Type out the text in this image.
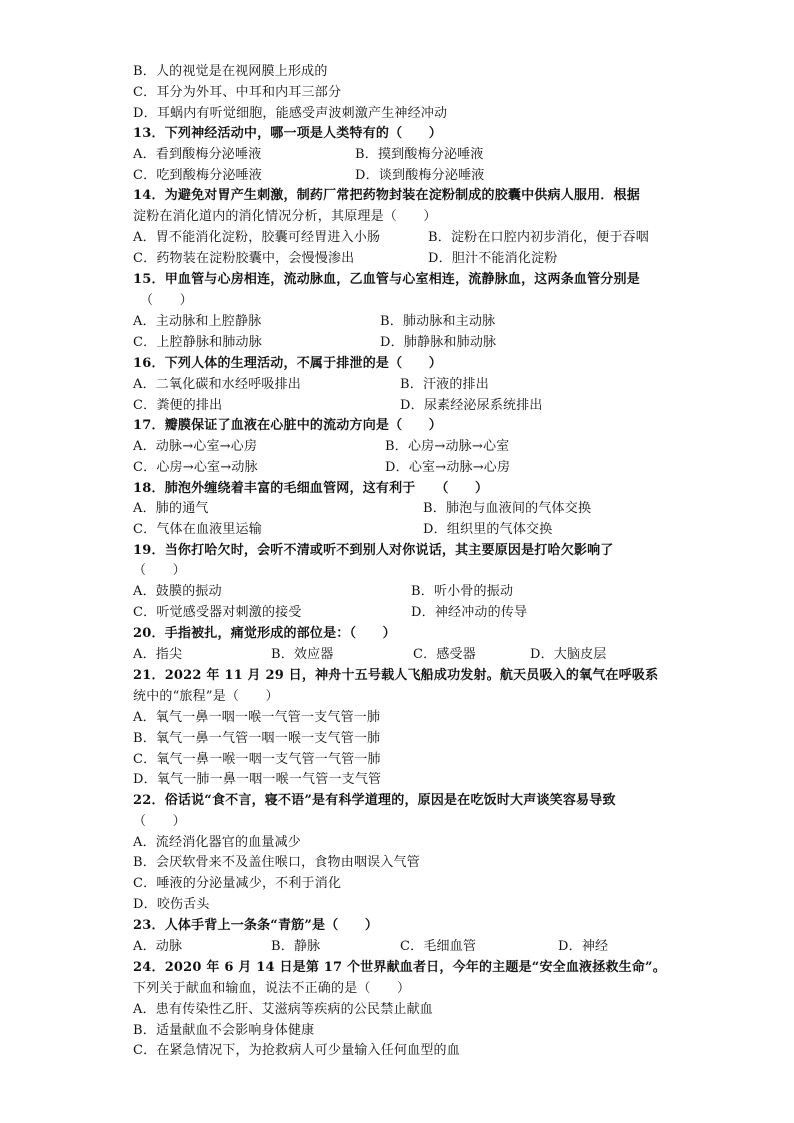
B．人的视觉是在视网膜上形成的
C．耳分为外耳、中耳和内耳三部分
D．耳蜗内有听觉细胞，能感受声波刺激产生神经冲动
13．下列神经活动中，哪一项是人类特有的（　　）
A．看到酸梅分泌唾液	B．摸到酸梅分泌唾液
C．吃到酸梅分泌唾液	D．谈到酸梅分泌唾液
14．为避免对胃产生刺激，制药厂常把药物封装在淀粉制成的胶囊中供病人服用．根据
淀粉在消化道内的消化情况分析，其原理是（　　）
A．胃不能消化淀粉，胶囊可经胃进入小肠	B．淀粉在口腔内初步消化，便于吞咽
C．药物装在淀粉胶囊中，会慢慢渗出	D．胆汁不能消化淀粉
15．甲血管与心房相连，流动脉血，乙血管与心室相连，流静脉血，这两条血管分别是
（　　）
A．主动脉和上腔静脉	B．肺动脉和主动脉
C．上腔静脉和肺动脉	D．肺静脉和肺动脉
16．下列人体的生理活动，不属于排泄的是（　　）
A．二氧化碳和水经呼吸排出	B．汗液的排出
C．粪便的排出	D．尿素经泌尿系统排出
17．瓣膜保证了血液在心脏中的流动方向是（　　）
A．动脉→心室→心房	B．心房→动脉→心室
C．心房→心室→动脉	D．心室→动脉→心房
18．肺泡外缠绕着丰富的毛细血管网，这有利于　　（　　）
A．肺的通气	B．肺泡与血液间的气体交换
C．气体在血液里运输	D．组织里的气体交换
19．当你打哈欠时，会听不清或听不到别人对你说话，其主要原因是打哈欠影响了
（　　）
A．鼓膜的振动	B．听小骨的振动
C．听觉感受器对刺激的接受	D．神经冲动的传导
20．手指被扎，痛觉形成的部位是：（　　）
A．指尖	B．效应器	C．感受器	D．大脑皮层
21．2022 年 11 月 29 日，神舟十五号载人飞船成功发射。航天员吸入的氧气在呼吸系
统中的“旅程”是（　　）
A．氧气一鼻一咽一喉一气管一支气管一肺
B．氧气一鼻一气管一咽一喉一支气管一肺
C．氧气一鼻一喉一咽一支气管一气管一肺
D．氧气一肺一鼻一咽一喉一气管一支气管
22．俗话说“食不言，寝不语”是有科学道理的，原因是在吃饭时大声谈笑容易导致
（　　）
A．流经消化器官的血量减少
B．会厌软骨来不及盖住喉口，食物由咽误入气管
C．唾液的分泌量减少，不利于消化
D．咬伤舌头
23．人体手背上一条条“青筋”是（　　）
A．动脉	B．静脉	C．毛细血管	D．神经
24．2020 年 6 月 14 日是第 17 个世界献血者日，今年的主题是“安全血液拯救生命”。
下列关于献血和输血，说法不正确的是（　　）
A．患有传染性乙肝、艾滋病等疾病的公民禁止献血
B．适量献血不会影响身体健康
C．在紧急情况下，为抢救病人可少量输入任何血型的血
